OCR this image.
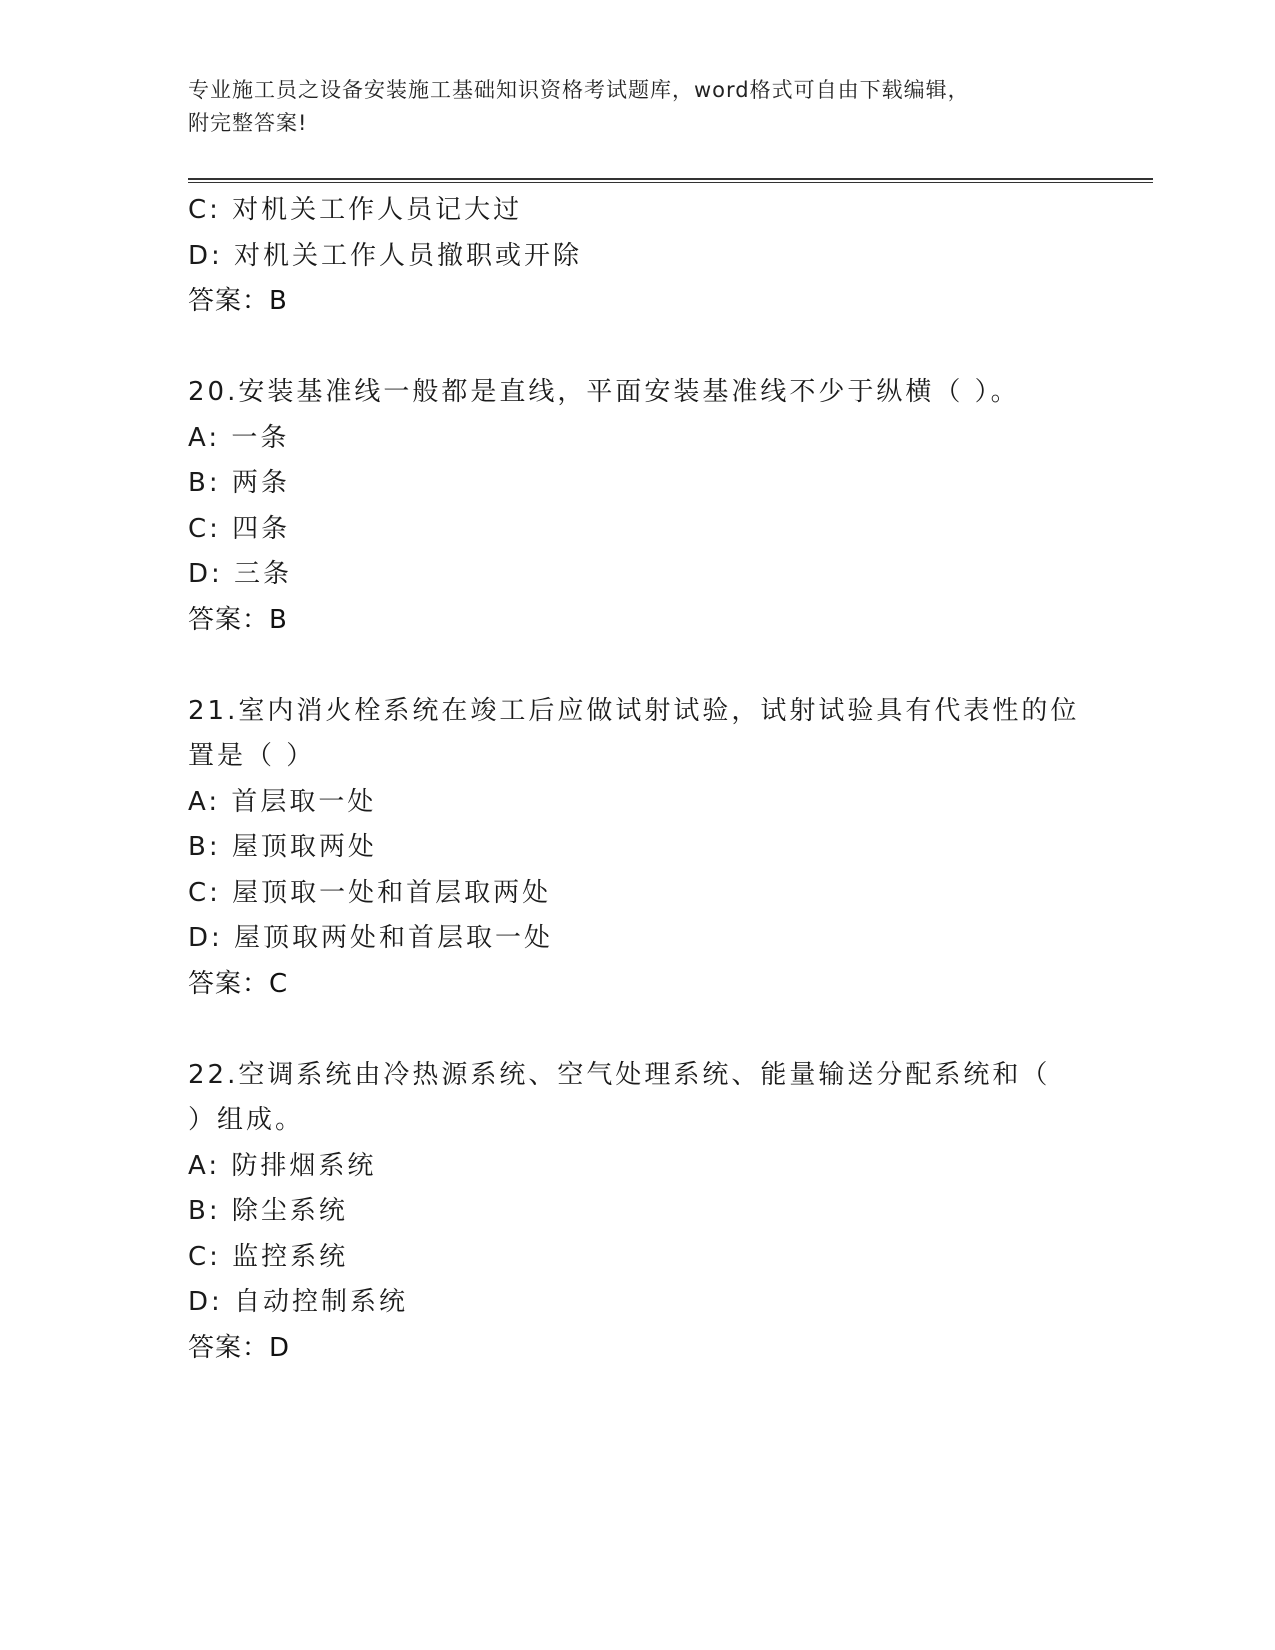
专业施工员之设备安装施工基础知识资格考试题库，word格式可自由下载编辑，
附完整答案!
C: 对机关工作人员记大过
D: 对机关工作人员撤职或开除
答案：B
20.安装基准线一般都是直线，平面安装基准线不少于纵横（ ）。
A: 一条
B: 两条
C: 四条
D: 三条
答案：B
21.室内消火栓系统在竣工后应做试射试验，试射试验具有代表性的位
置是（ ）
A: 首层取一处
B: 屋顶取两处
C: 屋顶取一处和首层取两处
D: 屋顶取两处和首层取一处
答案：C
22.空调系统由冷热源系统、空气处理系统、能量输送分配系统和（
）组成。
A: 防排烟系统
B: 除尘系统
C: 监控系统
D: 自动控制系统
答案：D
